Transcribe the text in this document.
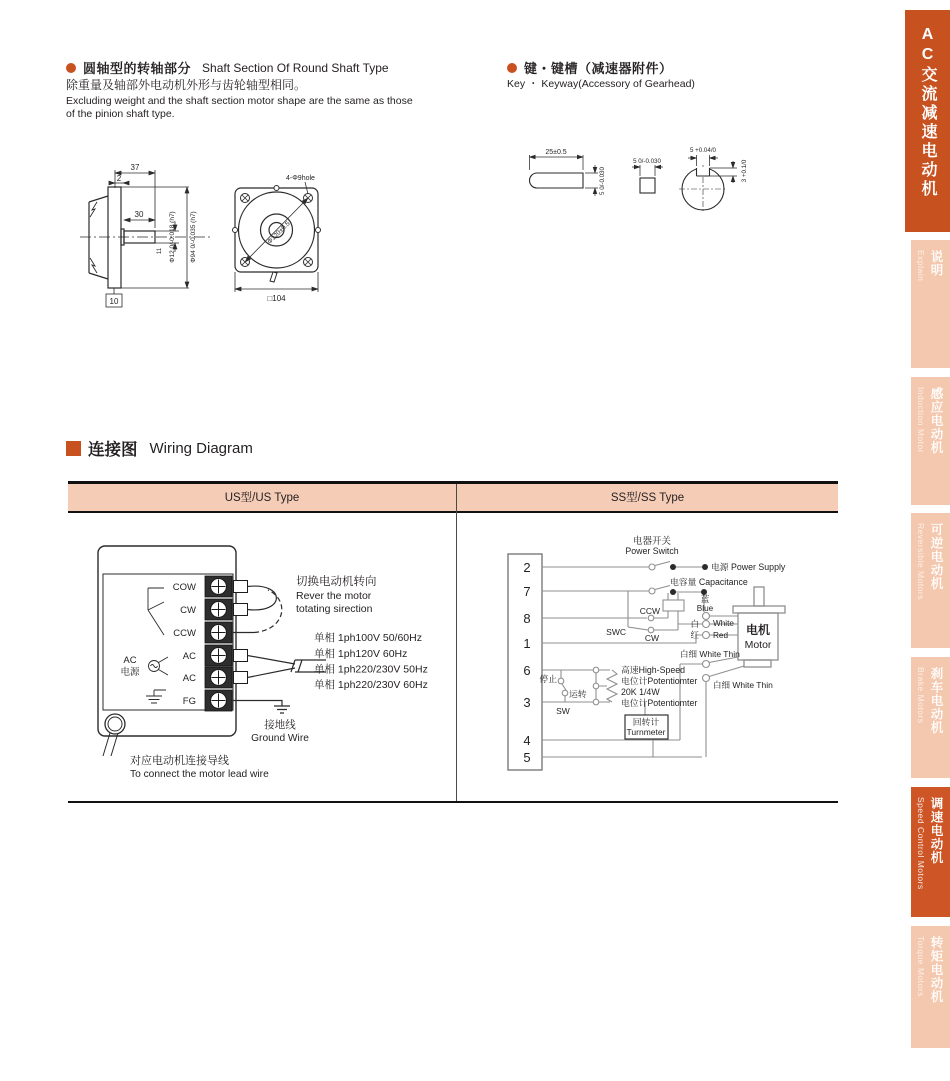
圆轴型的转轴部分 Shaft Section Of Round Shaft Type
除重量及轴部外电动机外形与齿轮轴型相同。
Excluding weight and the shaft section motor shape are the same as those
of the pinion shaft type.
键・键槽（减速器附件）
Key ・ Keyway(Accessory of Gearhead)
37
2
30
11
10
Φ12 0/-0.018 (h7) Φ94 0/-0.035 (h7)
4-Φ9hole
Φ120±0.5
□104
25±0.5
5 0/-0.030
5 0/-0.030
5 +0.04/0
3 +0.1/0
连接图 Wiring Diagram
US型/US Type	SS型/SS Type
COW
CW
CCW
AC
AC
FG
AC
电源
切换电动机转向
Rever the motor
totating sirection
单相 1ph100V 50/60Hz
单相 1ph120V 60Hz
单相 1ph220/230V 50Hz
单相 1ph220/230V 60Hz
接地线
Ground Wire
对应电动机连接导线
To connect the motor lead wire
2
7
8
1
6
3
4
5
电器开关
Power Switch
电源 Power Supply
电容量 Capacitance
蓝
Blue
CCW
SWC
CW
白 White
红 Red 电机
Motor
白细 White Thin
白细 White Thin
停止
运转
SW
高速High-Speed
电位计Potentiomter
20K 1/4W
电位计Potentiomter
回转计
Turnmeter
AC交流减速电动机
Explain 说明
Induction Motor 感应电动机
Reversible Motors 可逆电动机
Brake Motors 刹车电动机
Speed Control Motors 调速电动机
Torque Motors 转矩电动机
